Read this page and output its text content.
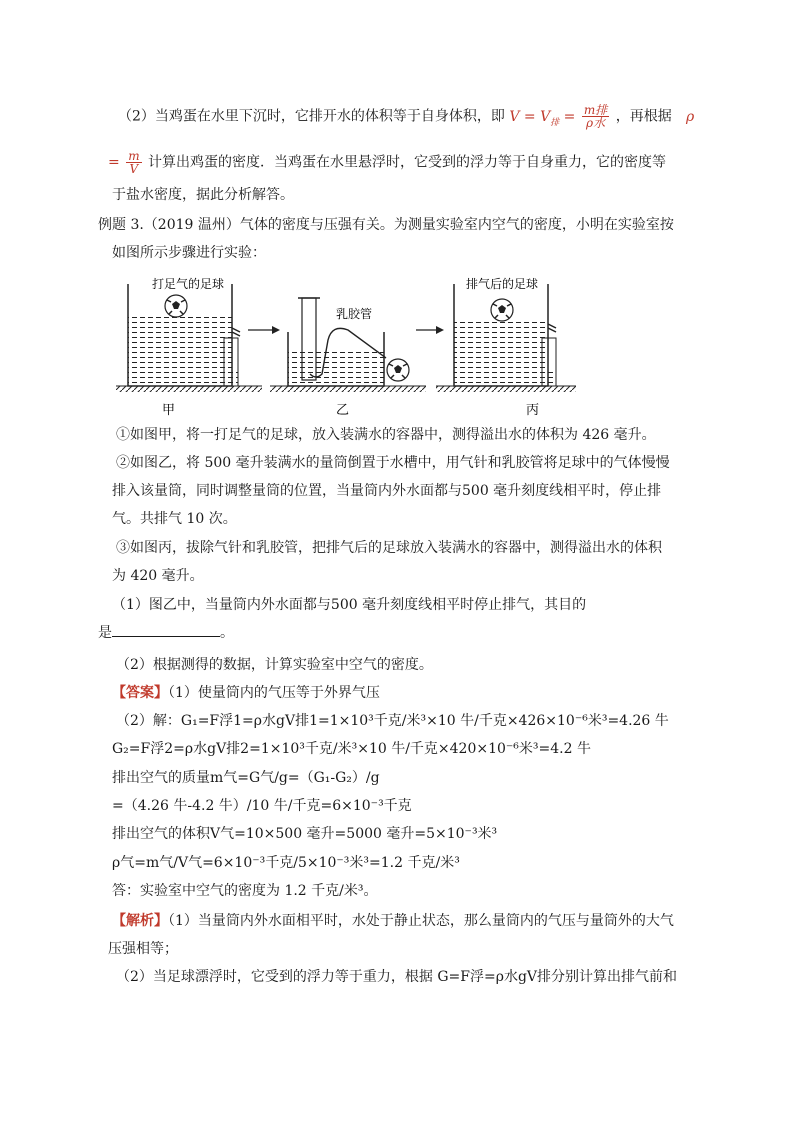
（2）当鸡蛋在水里下沉时，它排开水的体积等于自身体积，即 $V = V_排 = \frac{\text{m排}}{\text{ρ水}}$ ，再根据 ρ
= $\frac{m}{V}$ 计算出鸡蛋的密度．当鸡蛋在水里悬浮时，它受到的浮力等于自身重力，它的密度等
于盐水密度，据此分析解答。
例题 3.（2019 温州）气体的密度与压强有关。为测量实验室内空气的密度，小明在实验室按
如图所示步骤进行实验：
打足气的足球
乳胶管
排气后的足球
甲	乙	丙
①如图甲，将一打足气的足球，放入装满水的容器中，测得溢出水的体积为 426 毫升。
②如图乙，将 500 毫升装满水的量筒倒置于水槽中，用气针和乳胶管将足球中的气体慢慢
排入该量筒，同时调整量筒的位置，当量筒内外水面都与500 毫升刻度线相平时，停止排
气。共排气 10 次。
③如图丙，拔除气针和乳胶管，把排气后的足球放入装满水的容器中，测得溢出水的体积
为 420 毫升。
（1）图乙中，当量筒内外水面都与500 毫升刻度线相平时停止排气，其目的
是	。
（2）根据测得的数据，计算实验室中空气的密度。
【答案】（1）使量筒内的气压等于外界气压
（2）解：G₁=F浮1=ρ水gV排1=1×10³千克/米³×10 牛/千克×426×10⁻⁶米³=4.26 牛
G₂=F浮2=ρ水gV排2=1×10³千克/米³×10 牛/千克×420×10⁻⁶米³=4.2 牛
排出空气的质量m气=G气/g=（G₁-G₂）/g
=（4.26 牛-4.2 牛）/10 牛/千克=6×10⁻³千克
排出空气的体积V气=10×500 毫升=5000 毫升=5×10⁻³米³
ρ气=m气/V气=6×10⁻³千克/5×10⁻³米³=1.2 千克/米³
答：实验室中空气的密度为 1.2 千克/米³。
【解析】（1）当量筒内外水面相平时，水处于静止状态，那么量筒内的气压与量筒外的大气
压强相等；
（2）当足球漂浮时，它受到的浮力等于重力，根据 G=F浮=ρ水gV排分别计算出排气前和
